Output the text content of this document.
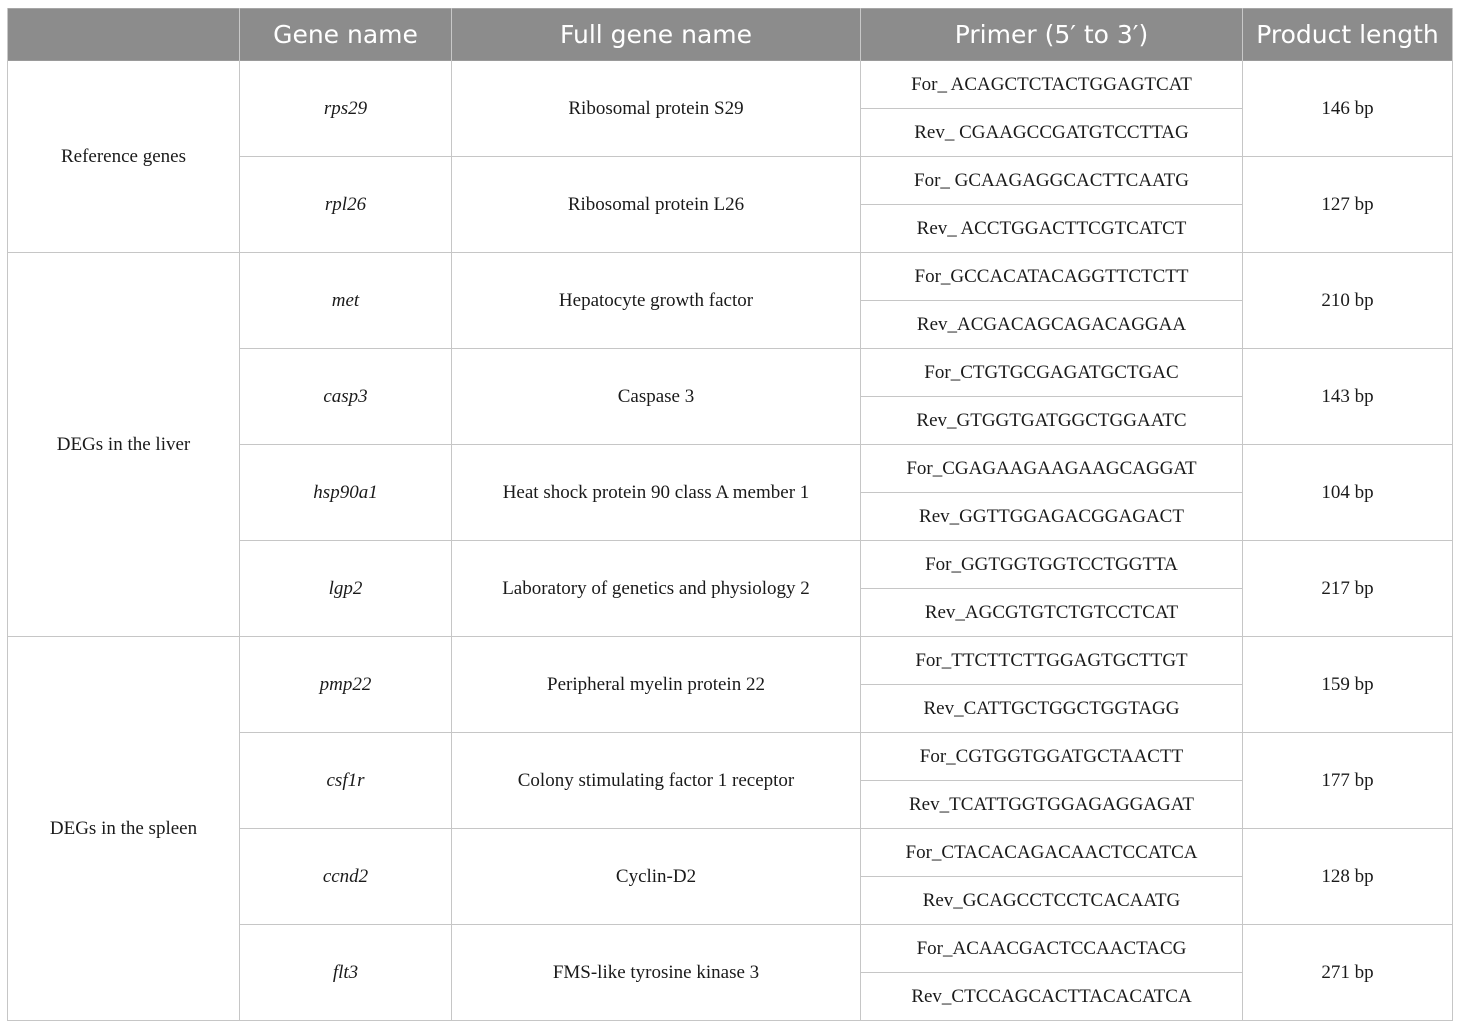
	Gene name	Full gene name	Primer (5′ to 3′)	Product length
Reference genes	rps29	Ribosomal protein S29	For_ ACAGCTCTACTGGAGTCAT	146 bp
			Rev_ CGAAGCCGATGTCCTTAG	
	rpl26	Ribosomal protein L26	For_ GCAAGAGGCACTTCAATG	127 bp
			Rev_ ACCTGGACTTCGTCATCT	
DEGs in the liver	met	Hepatocyte growth factor	For_GCCACATACAGGTTCTCTT	210 bp
			Rev_ACGACAGCAGACAGGAA	
	casp3	Caspase 3	For_CTGTGCGAGATGCTGAC	143 bp
			Rev_GTGGTGATGGCTGGAATC	
	hsp90a1	Heat shock protein 90 class A member 1	For_CGAGAAGAAGAAGCAGGAT	104 bp
			Rev_GGTTGGAGACGGAGACT	
	lgp2	Laboratory of genetics and physiology 2	For_GGTGGTGGTCCTGGTTA	217 bp
			Rev_AGCGTGTCTGTCCTCAT	
DEGs in the spleen	pmp22	Peripheral myelin protein 22	For_TTCTTCTTGGAGTGCTTGT	159 bp
			Rev_CATTGCTGGCTGGTAGG	
	csf1r	Colony stimulating factor 1 receptor	For_CGTGGTGGATGCTAACTT	177 bp
			Rev_TCATTGGTGGAGAGGAGAT	
	ccnd2	Cyclin-D2	For_CTACACAGACAACTCCATCA	128 bp
			Rev_GCAGCCTCCTCACAATG	
	flt3	FMS-like tyrosine kinase 3	For_ACAACGACTCCAACTACG	271 bp
			Rev_CTCCAGCACTTACACATCA	
